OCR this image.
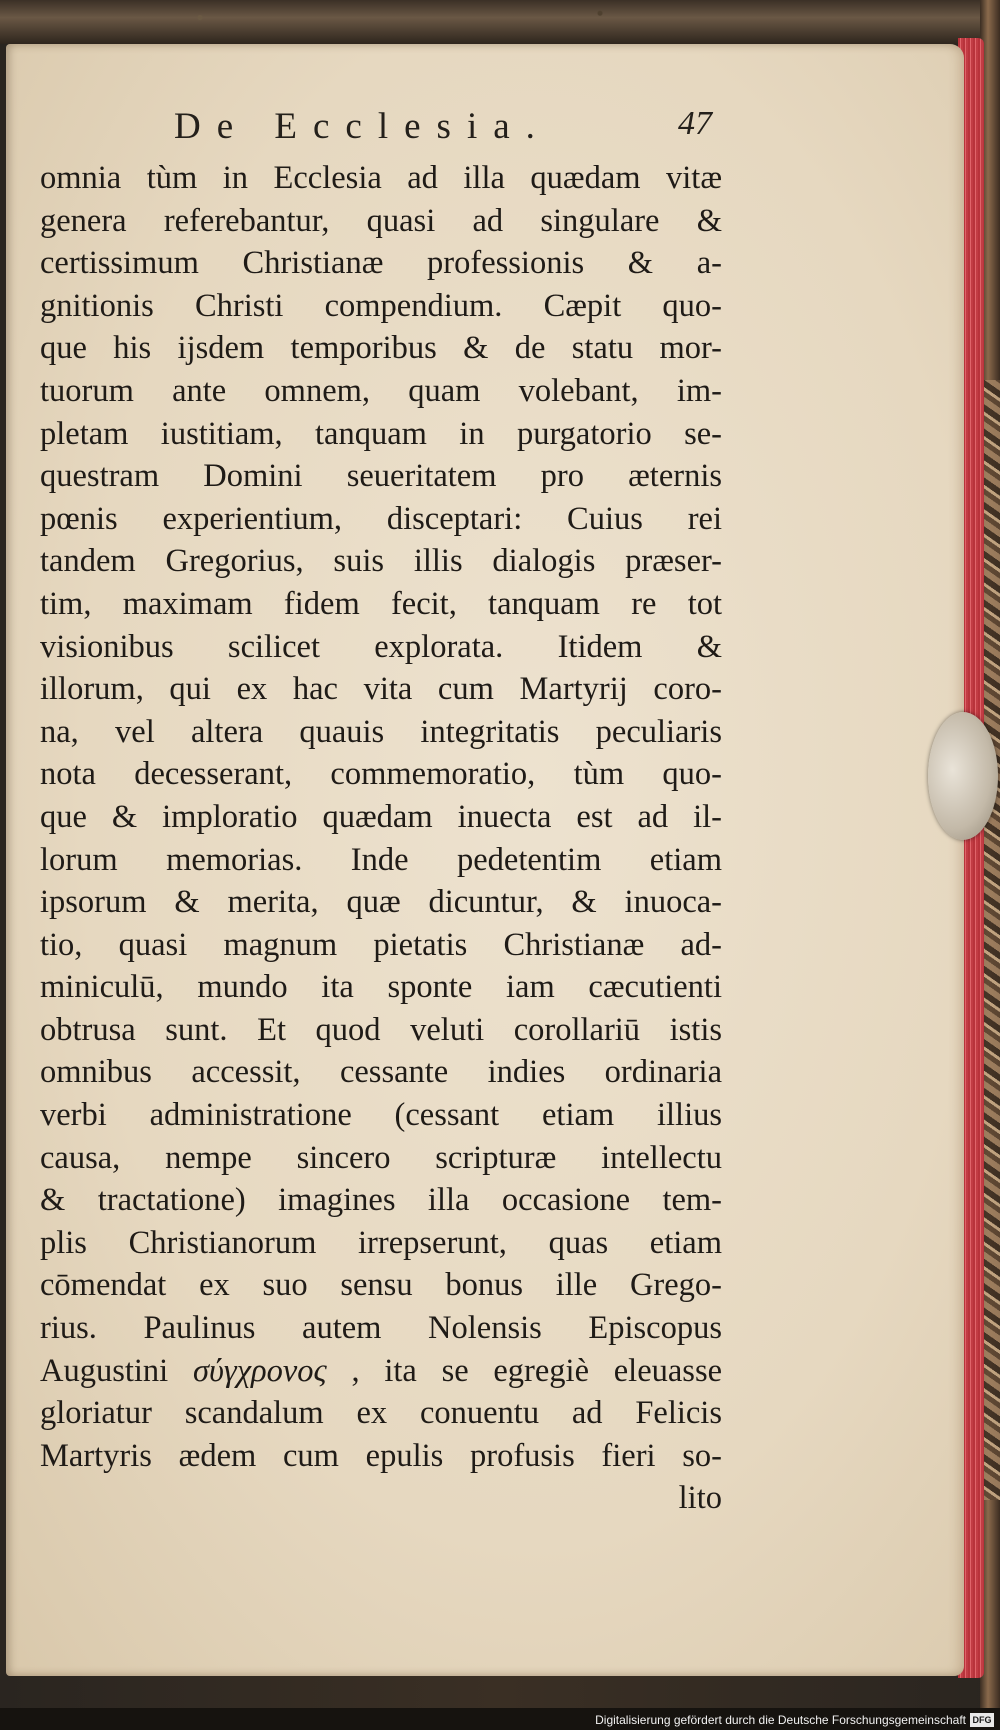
De Ecclesia.	47
omnia tùm in Ecclesia ad illa quædam vitæ
genera referebantur, quasi ad singulare &
certissimum Christianæ professionis & a-
gnitionis Christi compendium. Cæpit quo-
que his ijsdem temporibus & de statu mor-
tuorum ante omnem, quam volebant, im-
pletam iustitiam, tanquam in purgatorio se-
questram Domini seueritatem pro æternis
pœnis experientium, disceptari: Cuius rei
tandem Gregorius, suis illis dialogis præser-
tim, maximam fidem fecit, tanquam re tot
visionibus scilicet explorata. Itidem &
illorum, qui ex hac vita cum Martyrij coro-
na, vel altera quauis integritatis peculiaris
nota decesserant, commemoratio, tùm quo-
que & imploratio quædam inuecta est ad il-
lorum memorias. Inde pedetentim etiam
ipsorum & merita, quæ dicuntur, & inuoca-
tio, quasi magnum pietatis Christianæ ad-
miniculū, mundo ita sponte iam cæcutienti
obtrusa sunt. Et quod veluti corollariū istis
omnibus accessit, cessante indies ordinaria
verbi administratione (cessant etiam illius
causa, nempe sincero scripturæ intellectu
& tractatione) imagines illa occasione tem-
plis Christianorum irrepserunt, quas etiam
cōmendat ex suo sensu bonus ille Grego-
rius. Paulinus autem Nolensis Episcopus
Augustini σύγχρονος , ita se egregiè eleuasse
gloriatur scandalum ex conuentu ad Felicis
Martyris ædem cum epulis profusis fieri so-
lito
Digitalisierung gefördert durch die Deutsche Forschungsgemeinschaft DFG
